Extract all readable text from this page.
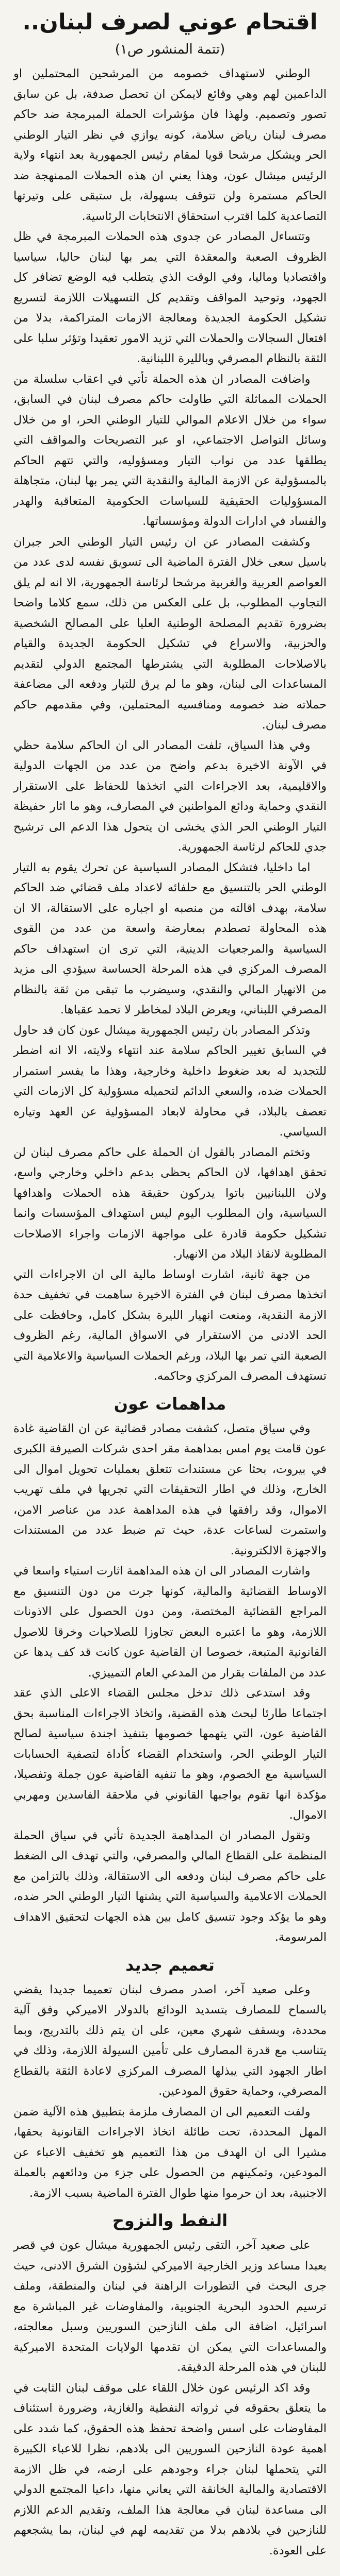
اقتحام عوني لصرف لبنان..
(تتمة المنشور ص١)

الوطني لاستهداف خصومه من المرشحين المحتملين او الداعمين لهم وهي وقائع لايمكن ان تحصل صدفة، بل عن سابق تصور وتصميم. ولهذا فان مؤشرات الحملة المبرمجة ضد حاكم مصرف لبنان رياض سلامة، كونه يوازي في نظر التيار الوطني الحر ويشكل مرشحا قويا لمقام رئيس الجمهورية بعد انتهاء ولاية الرئيس ميشال عون، وهذا يعني ان هذه الحملات الممنهجة ضد الحاكم مستمرة ولن تتوقف بسهولة، بل ستبقى على وتيرتها التصاعدية كلما اقترب استحقاق الانتخابات الرئاسية.

وتتساءل المصادر عن جدوى هذه الحملات المبرمجة في ظل الظروف الصعبة والمعقدة التي يمر بها لبنان حاليا، سياسيا واقتصاديا وماليا، وفي الوقت الذي يتطلب فيه الوضع تضافر كل الجهود، وتوحيد المواقف وتقديم كل التسهيلات اللازمة لتسريع تشكيل الحكومة الجديدة ومعالجة الازمات المتراكمة، بدلا من افتعال السجالات والحملات التي تزيد الامور تعقيدا وتؤثر سلبا على الثقة بالنظام المصرفي وبالليرة اللبنانية.

واضافت المصادر ان هذه الحملة تأتي في اعقاب سلسلة من الحملات المماثلة التي طاولت حاكم مصرف لبنان في السابق، سواء من خلال الاعلام الموالي للتيار الوطني الحر، او من خلال وسائل التواصل الاجتماعي، او عبر التصريحات والمواقف التي يطلقها عدد من نواب التيار ومسؤوليه، والتي تتهم الحاكم بالمسؤولية عن الازمة المالية والنقدية التي يمر بها لبنان، متجاهلة المسؤوليات الحقيقية للسياسات الحكومية المتعاقبة والهدر والفساد في ادارات الدولة ومؤسساتها.

وكشفت المصادر عن ان رئيس التيار الوطني الحر جبران باسيل سعى خلال الفترة الماضية الى تسويق نفسه لدى عدد من العواصم العربية والغربية مرشحا لرئاسة الجمهورية، الا انه لم يلق التجاوب المطلوب، بل على العكس من ذلك، سمع كلاما واضحا بضرورة تقديم المصلحة الوطنية العليا على المصالح الشخصية والحزبية، والاسراع في تشكيل الحكومة الجديدة والقيام بالاصلاحات المطلوبة التي يشترطها المجتمع الدولي لتقديم المساعدات الى لبنان، وهو ما لم يرق للتيار ودفعه الى مضاعفة حملاته ضد خصومه ومنافسيه المحتملين، وفي مقدمهم حاكم مصرف لبنان.

وفي هذا السياق، تلفت المصادر الى ان الحاكم سلامة حظي في الآونة الاخيرة بدعم واضح من عدد من الجهات الدولية والاقليمية، بعد الاجراءات التي اتخذها للحفاظ على الاستقرار النقدي وحماية ودائع المواطنين في المصارف، وهو ما اثار حفيظة التيار الوطني الحر الذي يخشى ان يتحول هذا الدعم الى ترشيح جدي للحاكم لرئاسة الجمهورية.

اما داخليا، فتشكل المصادر السياسية عن تحرك يقوم به التيار الوطني الحر بالتنسيق مع حلفائه لاعداد ملف قضائي ضد الحاكم سلامة، بهدف اقالته من منصبه او اجباره على الاستقالة، الا ان هذه المحاولة تصطدم بمعارضة واسعة من عدد من القوى السياسية والمرجعيات الدينية، التي ترى ان استهداف حاكم المصرف المركزي في هذه المرحلة الحساسة سيؤدي الى مزيد من الانهيار المالي والنقدي، وسيضرب ما تبقى من ثقة بالنظام المصرفي اللبناني، ويعرض البلاد لمخاطر لا تحمد عقباها.

وتذكر المصادر بان رئيس الجمهورية ميشال عون كان قد حاول في السابق تغيير الحاكم سلامة عند انتهاء ولايته، الا انه اضطر للتجديد له بعد ضغوط داخلية وخارجية، وهذا ما يفسر استمرار الحملات ضده، والسعي الدائم لتحميله مسؤولية كل الازمات التي تعصف بالبلاد، في محاولة لابعاد المسؤولية عن العهد وتياره السياسي.

وتختم المصادر بالقول ان الحملة على حاكم مصرف لبنان لن تحقق اهدافها، لان الحاكم يحظى بدعم داخلي وخارجي واسع، ولان اللبنانيين باتوا يدركون حقيقة هذه الحملات واهدافها السياسية، وان المطلوب اليوم ليس استهداف المؤسسات وانما تشكيل حكومة قادرة على مواجهة الازمات واجراء الاصلاحات المطلوبة لانقاذ البلاد من الانهيار.

من جهة ثانية، اشارت اوساط مالية الى ان الاجراءات التي اتخذها مصرف لبنان في الفترة الاخيرة ساهمت في تخفيف حدة الازمة النقدية، ومنعت انهيار الليرة بشكل كامل، وحافظت على الحد الادنى من الاستقرار في الاسواق المالية، رغم الظروف الصعبة التي تمر بها البلاد، ورغم الحملات السياسية والاعلامية التي تستهدف المصرف المركزي وحاكمه.

مداهمات عون

وفي سياق متصل، كشفت مصادر قضائية عن ان القاضية غادة عون قامت يوم امس بمداهمة مقر احدى شركات الصيرفة الكبرى في بيروت، بحثا عن مستندات تتعلق بعمليات تحويل اموال الى الخارج، وذلك في اطار التحقيقات التي تجريها في ملف تهريب الاموال، وقد رافقها في هذه المداهمة عدد من عناصر الامن، واستمرت لساعات عدة، حيث تم ضبط عدد من المستندات والاجهزة الالكترونية.

واشارت المصادر الى ان هذه المداهمة اثارت استياء واسعا في الاوساط القضائية والمالية، كونها جرت من دون التنسيق مع المراجع القضائية المختصة، ومن دون الحصول على الاذونات اللازمة، وهو ما اعتبره البعض تجاوزا للصلاحيات وخرقا للاصول القانونية المتبعة، خصوصا ان القاضية عون كانت قد كف يدها عن عدد من الملفات بقرار من المدعي العام التمييزي.

وقد استدعى ذلك تدخل مجلس القضاء الاعلى الذي عقد اجتماعا طارئا لبحث هذه القضية، واتخاذ الاجراءات المناسبة بحق القاضية عون، التي يتهمها خصومها بتنفيذ اجندة سياسية لصالح التيار الوطني الحر، واستخدام القضاء كأداة لتصفية الحسابات السياسية مع الخصوم، وهو ما تنفيه القاضية عون جملة وتفصيلا، مؤكدة انها تقوم بواجبها القانوني في ملاحقة الفاسدين ومهربي الاموال.

وتقول المصادر ان المداهمة الجديدة تأتي في سياق الحملة المنظمة على القطاع المالي والمصرفي، والتي تهدف الى الضغط على حاكم مصرف لبنان ودفعه الى الاستقالة، وذلك بالتزامن مع الحملات الاعلامية والسياسية التي يشنها التيار الوطني الحر ضده، وهو ما يؤكد وجود تنسيق كامل بين هذه الجهات لتحقيق الاهداف المرسومة.

تعميم جديد

وعلى صعيد آخر، اصدر مصرف لبنان تعميما جديدا يقضي بالسماح للمصارف بتسديد الودائع بالدولار الاميركي وفق آلية محددة، وبسقف شهري معين، على ان يتم ذلك بالتدريج، وبما يتناسب مع قدرة المصارف على تأمين السيولة اللازمة، وذلك في اطار الجهود التي يبذلها المصرف المركزي لاعادة الثقة بالقطاع المصرفي، وحماية حقوق المودعين.

ولفت التعميم الى ان المصارف ملزمة بتطبيق هذه الآلية ضمن المهل المحددة، تحت طائلة اتخاذ الاجراءات القانونية بحقها، مشيرا الى ان الهدف من هذا التعميم هو تخفيف الاعباء عن المودعين، وتمكينهم من الحصول على جزء من ودائعهم بالعملة الاجنبية، بعد ان حرموا منها طوال الفترة الماضية بسبب الازمة.

النفط والنزوح

على صعيد آخر، التقى رئيس الجمهورية ميشال عون في قصر بعبدا مساعد وزير الخارجية الاميركي لشؤون الشرق الادنى، حيث جرى البحث في التطورات الراهنة في لبنان والمنطقة، وملف ترسيم الحدود البحرية الجنوبية، والمفاوضات غير المباشرة مع اسرائيل، اضافة الى ملف النازحين السوريين وسبل معالجته، والمساعدات التي يمكن ان تقدمها الولايات المتحدة الاميركية للبنان في هذه المرحلة الدقيقة.

وقد اكد الرئيس عون خلال اللقاء على موقف لبنان الثابت في ما يتعلق بحقوقه في ثرواته النفطية والغازية، وضرورة استئناف المفاوضات على اسس واضحة تحفظ هذه الحقوق، كما شدد على اهمية عودة النازحين السوريين الى بلادهم، نظرا للاعباء الكبيرة التي يتحملها لبنان جراء وجودهم على ارضه، في ظل الازمة الاقتصادية والمالية الخانقة التي يعاني منها، داعيا المجتمع الدولي الى مساعدة لبنان في معالجة هذا الملف، وتقديم الدعم اللازم للنازحين في بلادهم بدلا من تقديمه لهم في لبنان، بما يشجعهم على العودة.
